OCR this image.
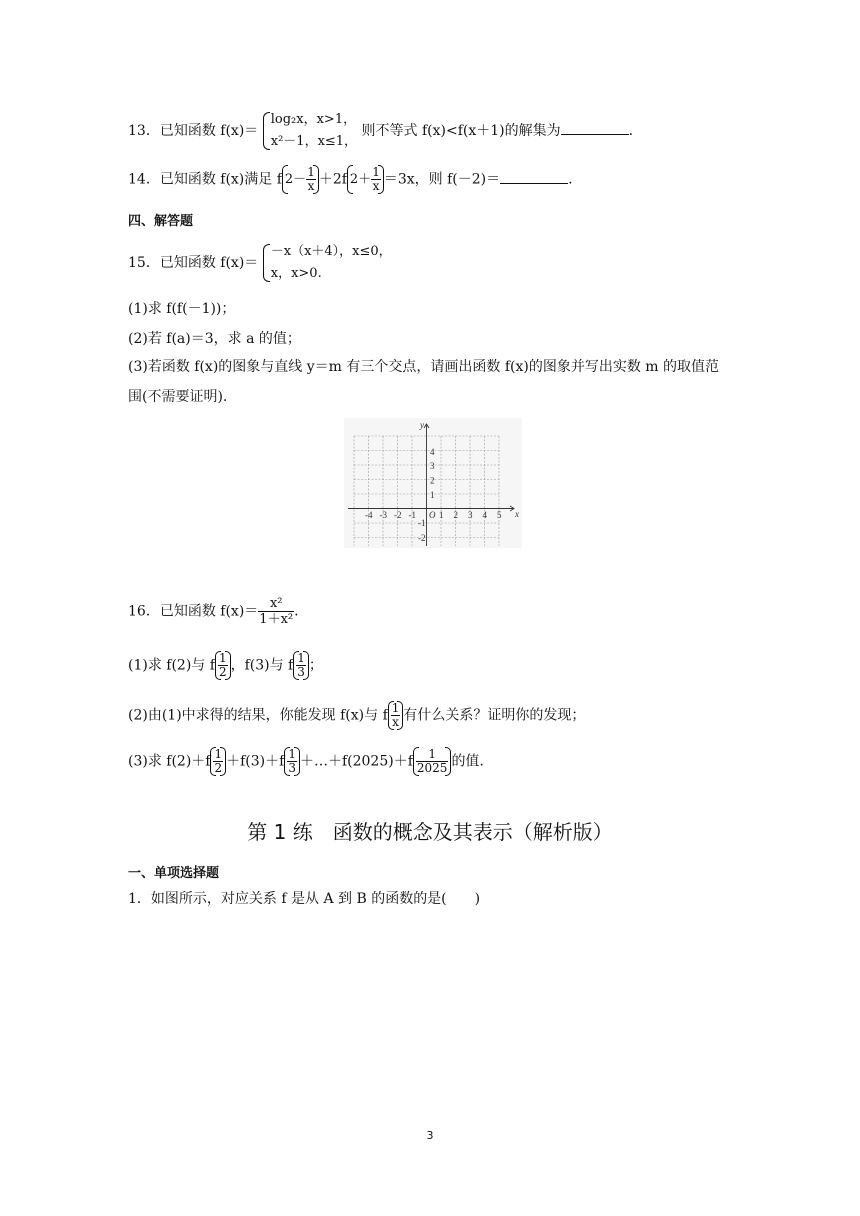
13．已知函数 f(x)＝
log₂x，x>1，
x²－1，x≤1，
则不等式 f(x)<f(x＋1)的解集为	.
14．已知函数 f(x)满足 f $2- \frac{1}{x} +2f$ $2+ \frac{1}{x} =3x$，则 f(－2)＝	.
四、解答题
15．已知函数 f(x)＝
－x（x＋4），x≤0，
x，x>0.
(1)求 f(f(－1))；
(2)若 f(a)＝3，求 a 的值；
(3)若函数 f(x)的图象与直线 y＝m 有三个交点，请画出函数 f(x)的图象并写出实数 m 的取值范
围(不需要证明).
x
y
O
-4 -3 -2 -1	1 2 3 4 5
4
3
2
1
-1
-2
16．已知函数 $f(x)= \frac{\text{x²}}{\text{1＋x²}}$ .
(1)求 f(2)与 f $\frac{1}{2}$ ，f(3)与 f $\frac{1}{3}$ ；
(2)由(1)中求得的结果，你能发现 f(x)与 f $\frac{1}{x}$ 有什么关系？证明你的发现；
(3)求 $f(2)+f \frac{1}{2} +f(3)+f \frac{1}{3}$ ＋…＋f(2025)＋f $\frac{1}{2025}$ 的值.
第 1 练　函数的概念及其表示（解析版）
一、单项选择题
1．如图所示，对应关系 f 是从 A 到 B 的函数的是(　　)
3
